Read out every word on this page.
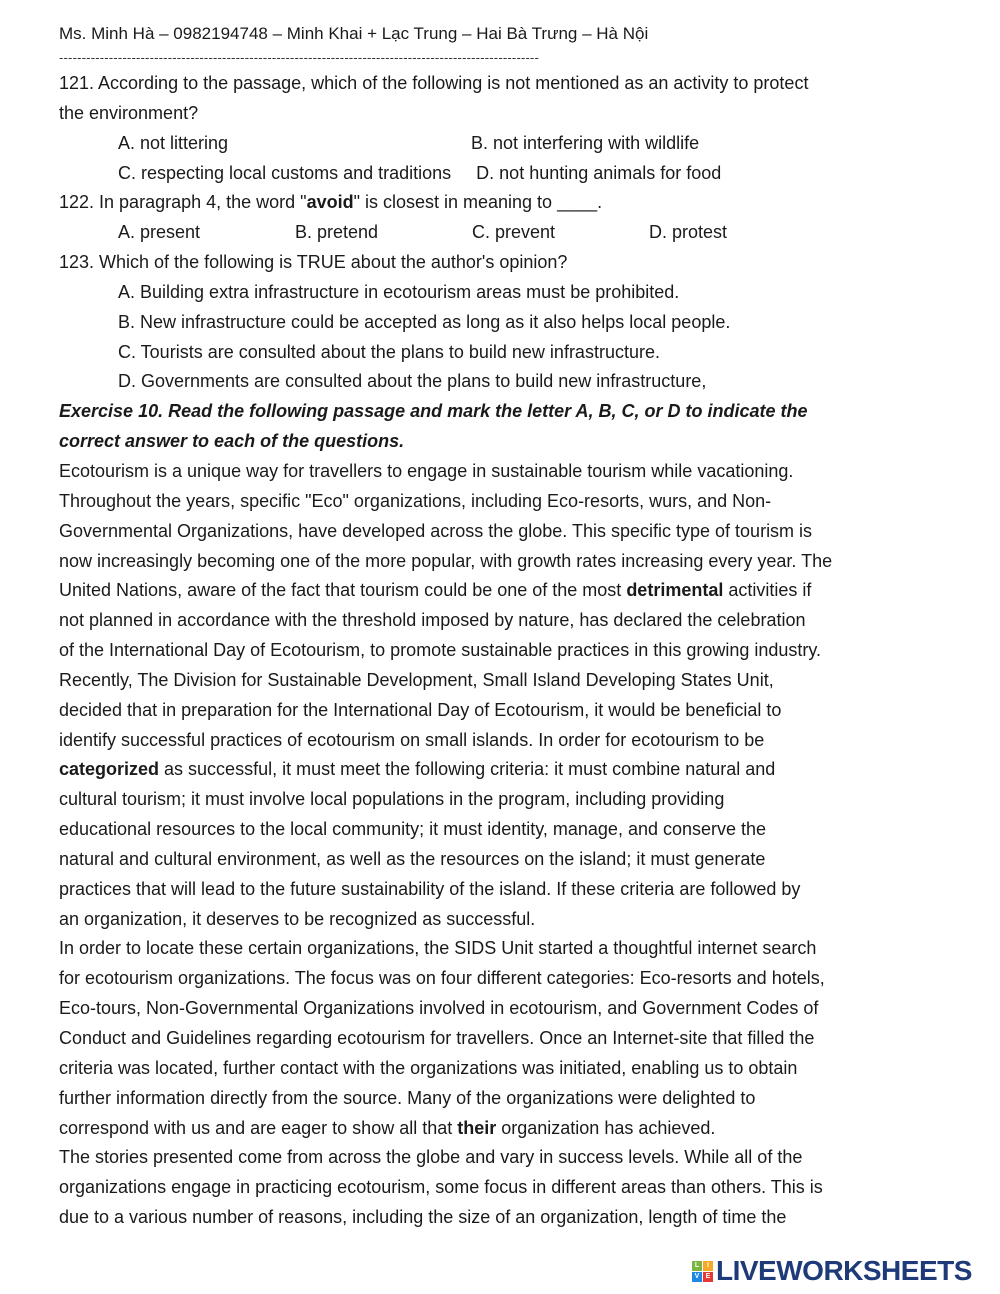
Ms. Minh Hà – 0982194748 – Minh Khai + Lạc Trung – Hai Bà Trưng – Hà Nội
----------------------------------------------------------------------------------------------------------
121. According to the passage, which of the following is not mentioned as an activity to protect
the environment?
A. not littering	B. not interfering with wildlife
C. respecting local customs and traditions D. not hunting animals for food
122. In paragraph 4, the word "avoid" is closest in meaning to ____.
A. present	B. pretend	C. prevent	D. protest
123. Which of the following is TRUE about the author's opinion?
A. Building extra infrastructure in ecotourism areas must be prohibited.
B. New infrastructure could be accepted as long as it also helps local people.
C. Tourists are consulted about the plans to build new infrastructure.
D. Governments are consulted about the plans to build new infrastructure,
Exercise 10. Read the following passage and mark the letter A, B, C, or D to indicate the
correct answer to each of the questions.
Ecotourism is a unique way for travellers to engage in sustainable tourism while vacationing.
Throughout the years, specific "Eco" organizations, including Eco-resorts, wurs, and Non-
Governmental Organizations, have developed across the globe. This specific type of tourism is
now increasingly becoming one of the more popular, with growth rates increasing every year. The
United Nations, aware of the fact that tourism could be one of the most detrimental activities if
not planned in accordance with the threshold imposed by nature, has declared the celebration
of the International Day of Ecotourism, to promote sustainable practices in this growing industry.
Recently, The Division for Sustainable Development, Small Island Developing States Unit,
decided that in preparation for the International Day of Ecotourism, it would be beneficial to
identify successful practices of ecotourism on small islands. In order for ecotourism to be
categorized as successful, it must meet the following criteria: it must combine natural and
cultural tourism; it must involve local populations in the program, including providing
educational resources to the local community; it must identity, manage, and conserve the
natural and cultural environment, as well as the resources on the island; it must generate
practices that will lead to the future sustainability of the island. If these criteria are followed by
an organization, it deserves to be recognized as successful.
In order to locate these certain organizations, the SIDS Unit started a thoughtful internet search
for ecotourism organizations. The focus was on four different categories: Eco-resorts and hotels,
Eco-tours, Non-Governmental Organizations involved in ecotourism, and Government Codes of
Conduct and Guidelines regarding ecotourism for travellers. Once an Internet-site that filled the
criteria was located, further contact with the organizations was initiated, enabling us to obtain
further information directly from the source. Many of the organizations were delighted to
correspond with us and are eager to show all that their organization has achieved.
The stories presented come from across the globe and vary in success levels. While all of the
organizations engage in practicing ecotourism, some focus in different areas than others. This is
due to a various number of reasons, including the size of an organization, length of time the
L	I
V E LIVEWORKSHEETS
